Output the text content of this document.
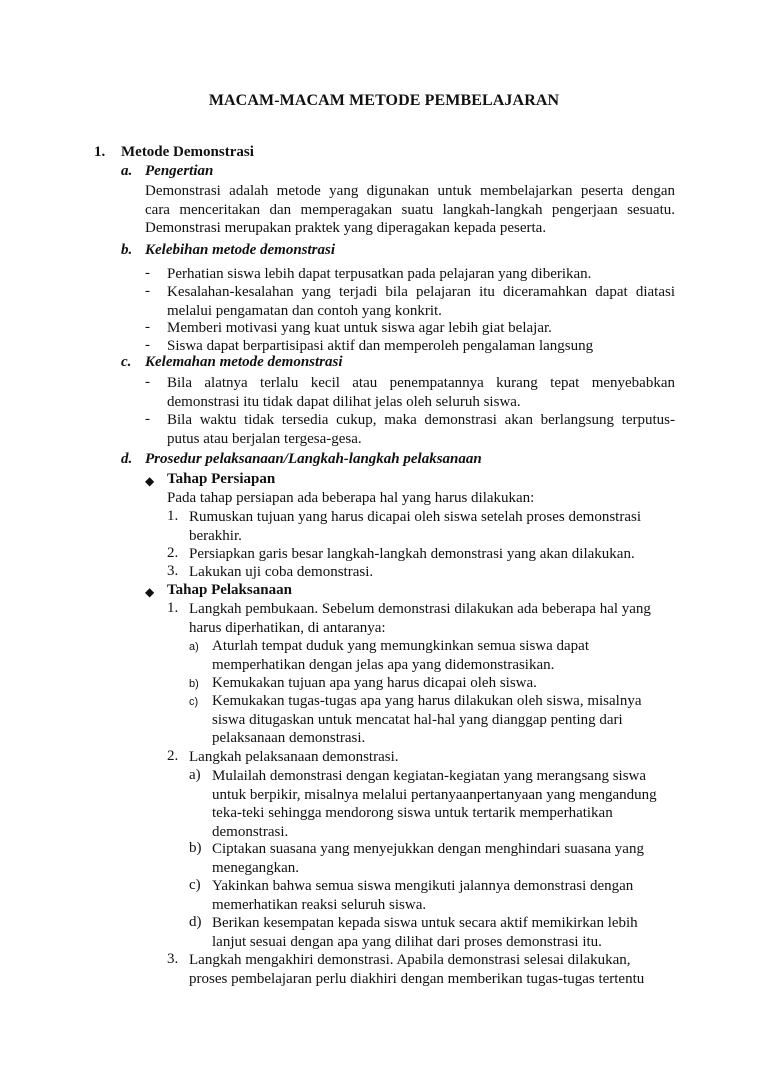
MACAM-MACAM METODE PEMBELAJARAN
1. Metode Demonstrasi
a. Pengertian
Demonstrasi adalah metode yang digunakan untuk membelajarkan peserta dengan
cara menceritakan dan memperagakan suatu langkah-langkah pengerjaan sesuatu.
Demonstrasi merupakan praktek yang diperagakan kepada peserta.
b. Kelebihan metode demonstrasi
- Perhatian siswa lebih dapat terpusatkan pada pelajaran yang diberikan.
- Kesalahan-kesalahan yang terjadi bila pelajaran itu diceramahkan dapat diatasi
melalui pengamatan dan contoh yang konkrit.
- Memberi motivasi yang kuat untuk siswa agar lebih giat belajar.
- Siswa dapat berpartisipasi aktif dan memperoleh pengalaman langsung
c. Kelemahan metode demonstrasi
- Bila alatnya terlalu kecil atau penempatannya kurang tepat menyebabkan
demonstrasi itu tidak dapat dilihat jelas oleh seluruh siswa.
- Bila waktu tidak tersedia cukup, maka demonstrasi akan berlangsung terputus-
putus atau berjalan tergesa-gesa.
d. Prosedur pelaksanaan/Langkah-langkah pelaksanaan
◆ Tahap Persiapan
Pada tahap persiapan ada beberapa hal yang harus dilakukan:
1. Rumuskan tujuan yang harus dicapai oleh siswa setelah proses demonstrasi
berakhir.
2. Persiapkan garis besar langkah-langkah demonstrasi yang akan dilakukan.
3. Lakukan uji coba demonstrasi.
◆ Tahap Pelaksanaan
1. Langkah pembukaan. Sebelum demonstrasi dilakukan ada beberapa hal yang
harus diperhatikan, di antaranya:
a) Aturlah tempat duduk yang memungkinkan semua siswa dapat
memperhatikan dengan jelas apa yang didemonstrasikan.
b) Kemukakan tujuan apa yang harus dicapai oleh siswa.
c) Kemukakan tugas-tugas apa yang harus dilakukan oleh siswa, misalnya
siswa ditugaskan untuk mencatat hal-hal yang dianggap penting dari
pelaksanaan demonstrasi.
2. Langkah pelaksanaan demonstrasi.
a) Mulailah demonstrasi dengan kegiatan-kegiatan yang merangsang siswa
untuk berpikir, misalnya melalui pertanyaanpertanyaan yang mengandung
teka-teki sehingga mendorong siswa untuk tertarik memperhatikan
demonstrasi.
b) Ciptakan suasana yang menyejukkan dengan menghindari suasana yang
menegangkan.
c) Yakinkan bahwa semua siswa mengikuti jalannya demonstrasi dengan
memerhatikan reaksi seluruh siswa.
d) Berikan kesempatan kepada siswa untuk secara aktif memikirkan lebih
lanjut sesuai dengan apa yang dilihat dari proses demonstrasi itu.
3. Langkah mengakhiri demonstrasi. Apabila demonstrasi selesai dilakukan,
proses pembelajaran perlu diakhiri dengan memberikan tugas-tugas tertentu
